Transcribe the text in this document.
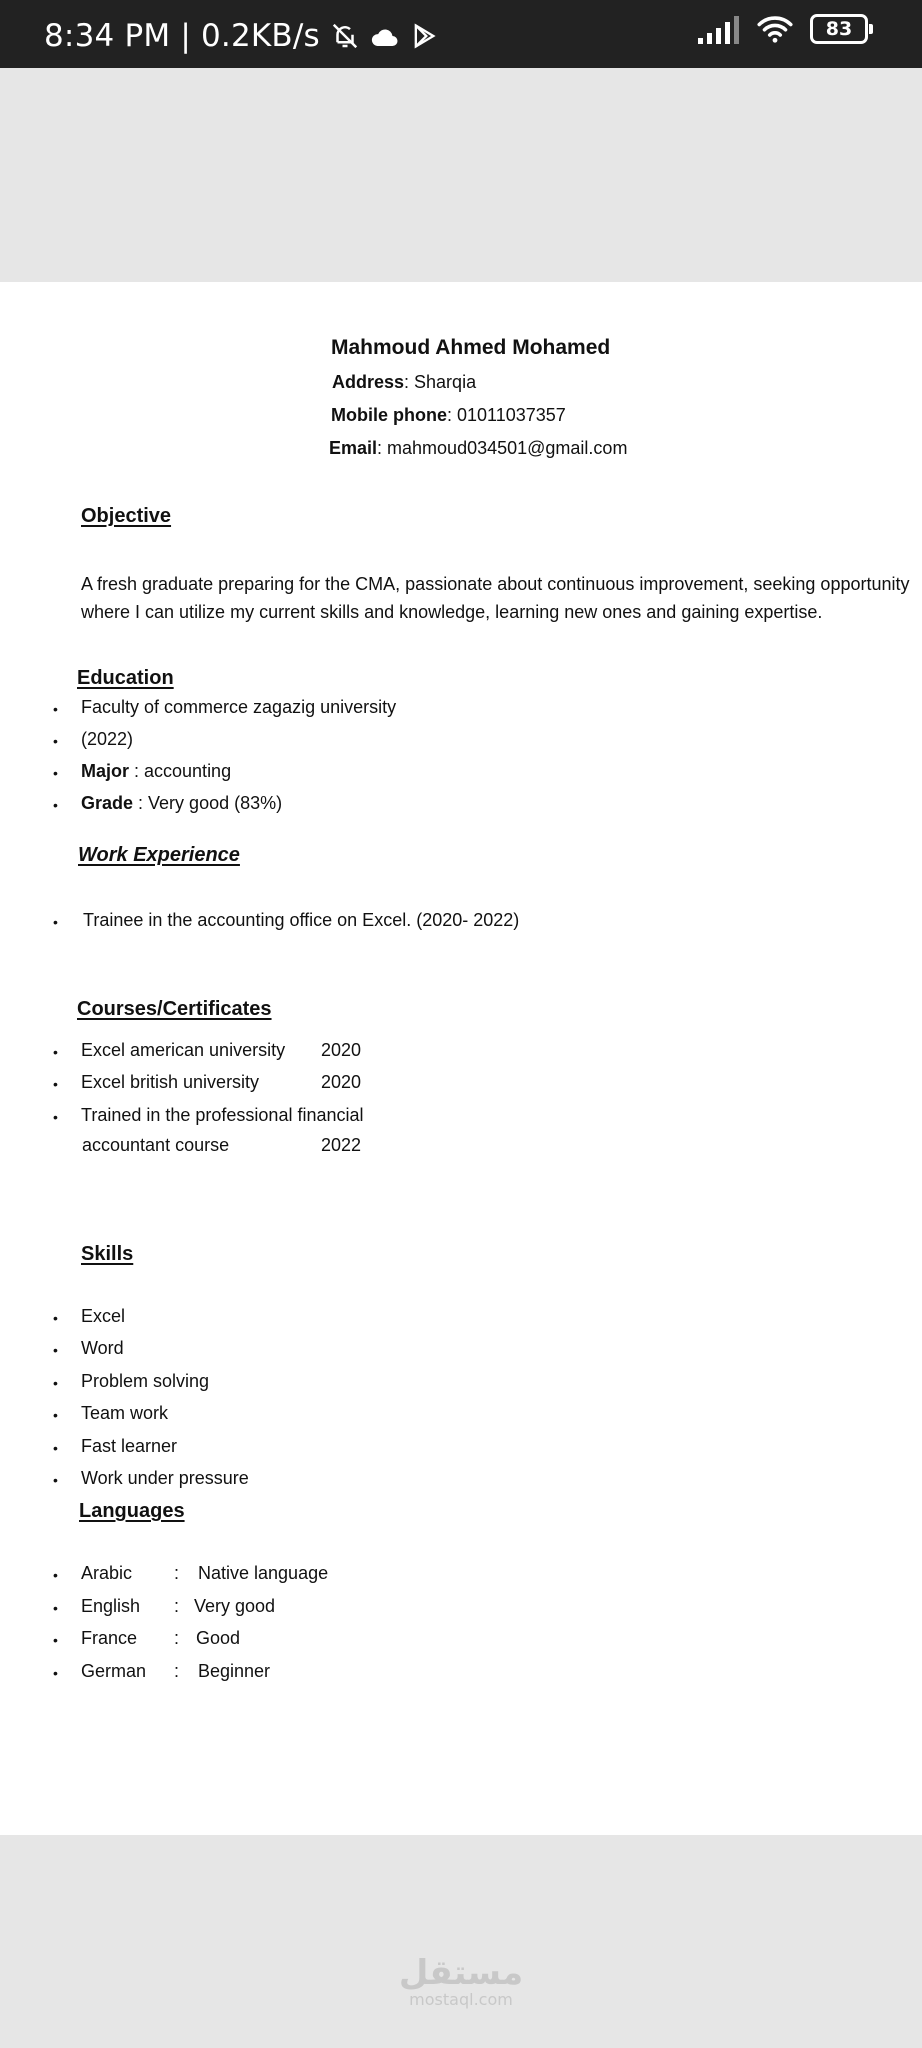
8:34 PM | 0.2KB/s	83
Mahmoud Ahmed Mohamed
Address: Sharqia
Mobile phone: 01011037357
Email: mahmoud034501@gmail.com
Objective
A fresh graduate preparing for the CMA, passionate about continuous improvement, seeking opportunity
where I can utilize my current skills and knowledge, learning new ones and gaining expertise.
Education
• Faculty of commerce zagazig university
• (2022)
• Major : accounting
• Grade : Very good (83%)
Work Experience
• Trainee in the accounting office on Excel. (2020- 2022)
Courses/Certificates
• Excel american university 2020
• Excel british university	2020
• Trained in the professional financial
accountant course	2022
Skills
• Excel
• Word
• Problem solving
• Team work
• Fast learner
• Work under pressure
Languages
• Arabic : Native language
• English : Very good
• France : Good
• German : Beginner
مستقل
mostaql.com
